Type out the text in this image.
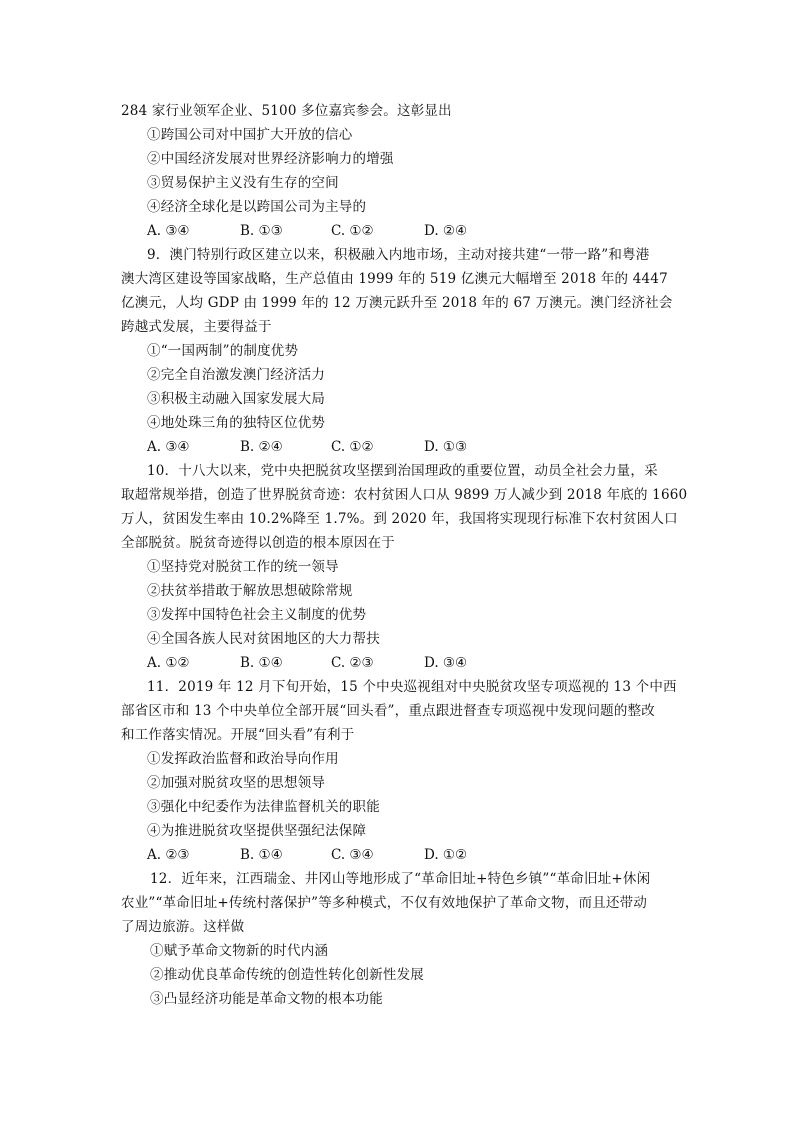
284 家行业领军企业、5100 多位嘉宾参会。这彰显出
①跨国公司对中国扩大开放的信心
②中国经济发展对世界经济影响力的增强
③贸易保护主义没有生存的空间
④经济全球化是以跨国公司为主导的
A. ③④	B. ①③	C. ①②	D. ②④
9．澳门特别行政区建立以来，积极融入内地市场，主动对接共建“一带一路”和粤港
澳大湾区建设等国家战略，生产总值由 1999 年的 519 亿澳元大幅增至 2018 年的 4447
亿澳元，人均 GDP 由 1999 年的 12 万澳元跃升至 2018 年的 67 万澳元。澳门经济社会
跨越式发展，主要得益于
①“一国两制”的制度优势
②完全自治激发澳门经济活力
③积极主动融入国家发展大局
④地处珠三角的独特区位优势
A. ③④	B. ②④	C. ①②	D. ①③
10．十八大以来，党中央把脱贫攻坚摆到治国理政的重要位置，动员全社会力量，采
取超常规举措，创造了世界脱贫奇迹：农村贫困人口从 9899 万人减少到 2018 年底的 1660
万人，贫困发生率由 10.2%降至 1.7%。到 2020 年，我国将实现现行标准下农村贫困人口
全部脱贫。脱贫奇迹得以创造的根本原因在于
①坚持党对脱贫工作的统一领导
②扶贫举措敢于解放思想破除常规
③发挥中国特色社会主义制度的优势
④全国各族人民对贫困地区的大力帮扶
A. ①②	B. ①④	C. ②③	D. ③④
11．2019 年 12 月下旬开始，15 个中央巡视组对中央脱贫攻坚专项巡视的 13 个中西
部省区市和 13 个中央单位全部开展“回头看”，重点跟进督查专项巡视中发现问题的整改
和工作落实情况。开展“回头看”有利于
①发挥政治监督和政治导向作用
②加强对脱贫攻坚的思想领导
③强化中纪委作为法律监督机关的职能
④为推进脱贫攻坚提供坚强纪法保障
A. ②③	B. ①④	C. ③④	D. ①②
12．近年来，江西瑞金、井冈山等地形成了“革命旧址+特色乡镇”“革命旧址+休闲
农业”“革命旧址+传统村落保护”等多种模式，不仅有效地保护了革命文物，而且还带动
了周边旅游。这样做
①赋予革命文物新的时代内涵
②推动优良革命传统的创造性转化创新性发展
③凸显经济功能是革命文物的根本功能
